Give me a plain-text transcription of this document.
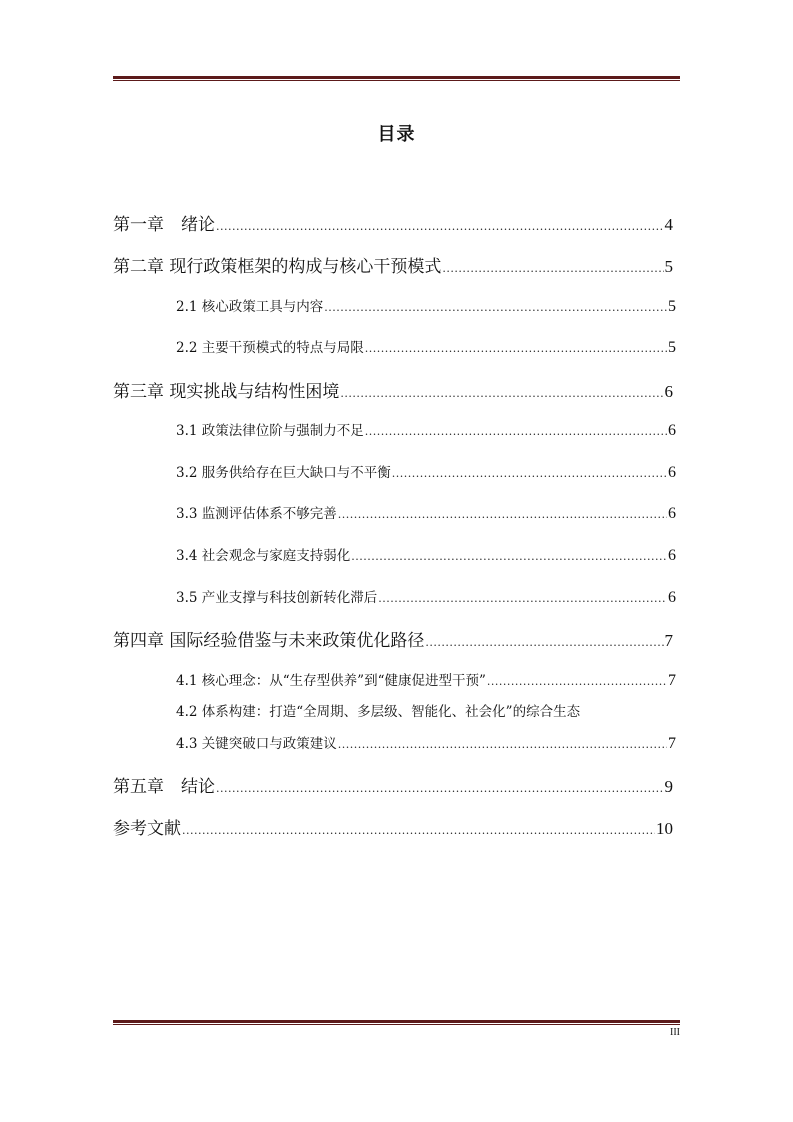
目录
第一章　绪论 .....	4
第二章 现行政策框架的构成与核心干预模式 .....	5
2.1 核心政策工具与内容 .....	5
2.2 主要干预模式的特点与局限 .....	5
第三章 现实挑战与结构性困境 .....	6
3.1 政策法律位阶与强制力不足 .....	6
3.2 服务供给存在巨大缺口与不平衡 .....	6
3.3 监测评估体系不够完善 .....	6
3.4 社会观念与家庭支持弱化 .....	6
3.5 产业支撑与科技创新转化滞后 .....	6
第四章 国际经验借鉴与未来政策优化路径 .....	7
4.1 核心理念：从“生存型供养”到“健康促进型干预” .....	7
4.2 体系构建：打造“全周期、多层级、智能化、社会化”的综合生态
4.3 关键突破口与政策建议 .....	7
第五章　结论 .....	9
参考文献 .....	10
III
